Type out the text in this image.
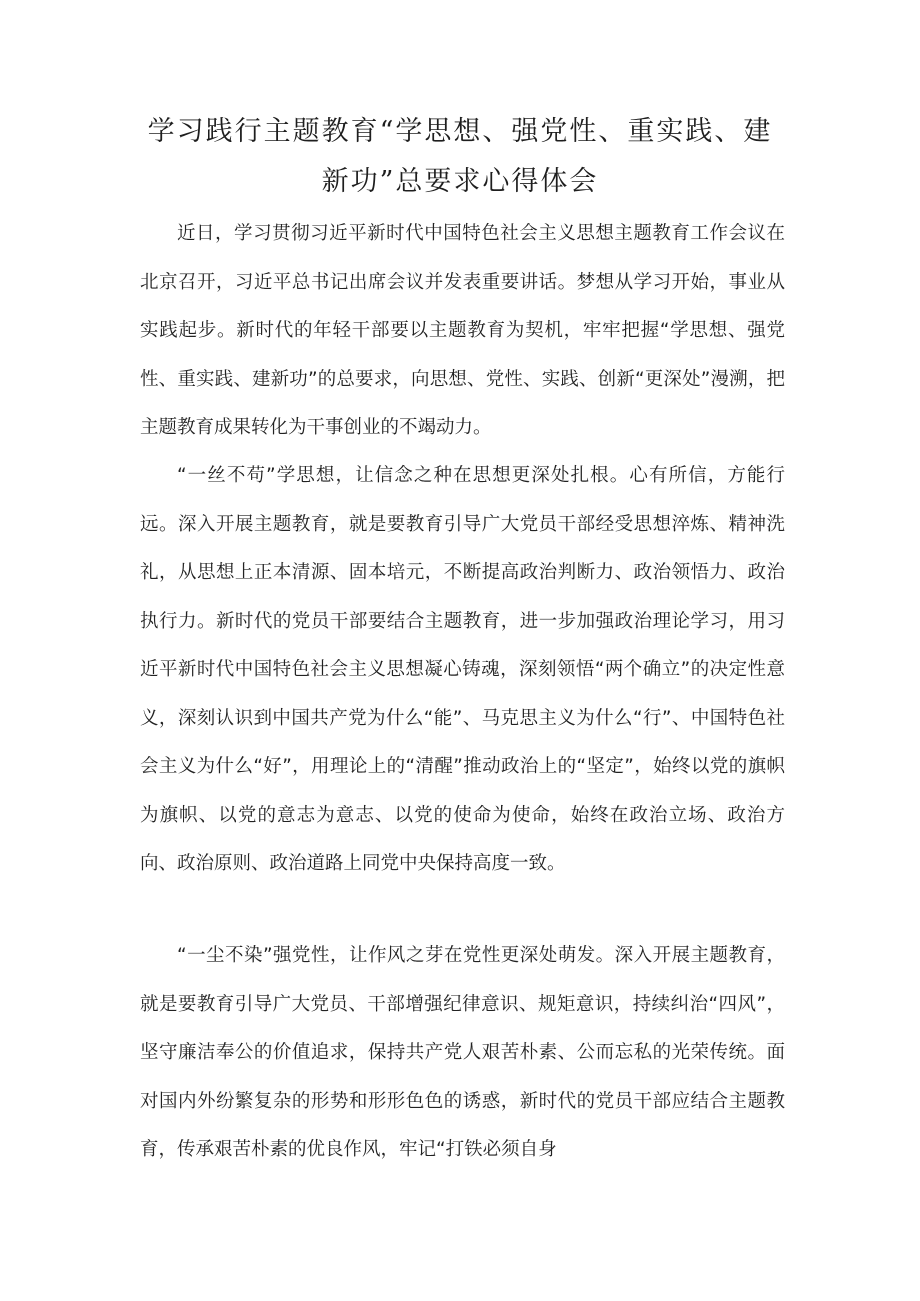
学习践行主题教育“学思想、强党性、重实践、建
新功”总要求心得体会

近日，学习贯彻习近平新时代中国特色社会主义思想主题教育工作会议在北京召开，习近平总书记出席会议并发表重要讲话。梦想从学习开始，事业从实践起步。新时代的年轻干部要以主题教育为契机，牢牢把握“学思想、强党性、重实践、建新功”的总要求，向思想、党性、实践、创新“更深处”漫溯，把主题教育成果转化为干事创业的不竭动力。

“一丝不苟”学思想，让信念之种在思想更深处扎根。心有所信，方能行远。深入开展主题教育，就是要教育引导广大党员干部经受思想淬炼、精神洗礼，从思想上正本清源、固本培元，不断提高政治判断力、政治领悟力、政治执行力。新时代的党员干部要结合主题教育，进一步加强政治理论学习，用习近平新时代中国特色社会主义思想凝心铸魂，深刻领悟“两个确立”的决定性意义，深刻认识到中国共产党为什么“能”、马克思主义为什么“行”、中国特色社会主义为什么“好”，用理论上的“清醒”推动政治上的“坚定”，始终以党的旗帜为旗帜、以党的意志为意志、以党的使命为使命，始终在政治立场、政治方向、政治原则、政治道路上同党中央保持高度一致。

“一尘不染”强党性，让作风之芽在党性更深处萌发。深入开展主题教育，就是要教育引导广大党员、干部增强纪律意识、规矩意识，持续纠治“四风”，坚守廉洁奉公的价值追求，保持共产党人艰苦朴素、公而忘私的光荣传统。面对国内外纷繁复杂的形势和形形色色的诱惑，新时代的党员干部应结合主题教育，传承艰苦朴素的优良作风，牢记“打铁必须自身
